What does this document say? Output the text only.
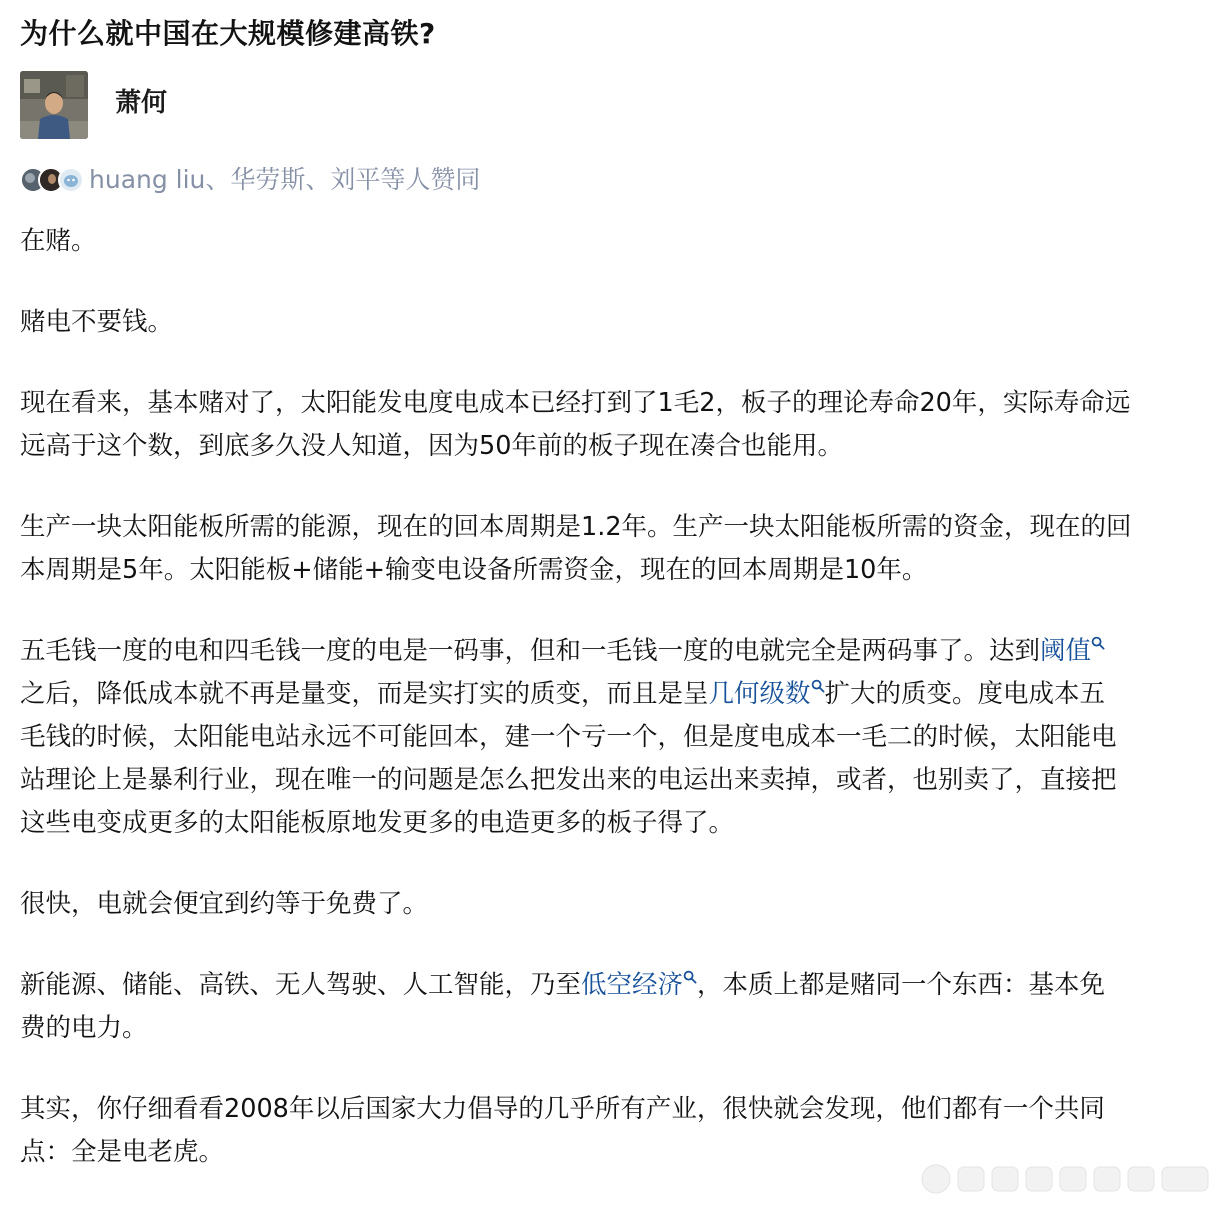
为什么就中国在大规模修建高铁?
萧何
huang liu、华劳斯、刘平等人赞同

在赌。

赌电不要钱。

现在看来，基本赌对了，太阳能发电度电成本已经打到了1毛2，板子的理论寿命20年，实际寿命远
远高于这个数，到底多久没人知道，因为50年前的板子现在凑合也能用。

生产一块太阳能板所需的能源，现在的回本周期是1.2年。生产一块太阳能板所需的资金，现在的回
本周期是5年。太阳能板+储能+输变电设备所需资金，现在的回本周期是10年。

五毛钱一度的电和四毛钱一度的电是一码事，但和一毛钱一度的电就完全是两码事了。达到阈值
之后，降低成本就不再是量变，而是实打实的质变，而且是呈几何级数 扩大的质变。度电成本五
毛钱的时候，太阳能电站永远不可能回本，建一个亏一个，但是度电成本一毛二的时候，太阳能电
站理论上是暴利行业，现在唯一的问题是怎么把发出来的电运出来卖掉，或者，也别卖了，直接把
这些电变成更多的太阳能板原地发更多的电造更多的板子得了。

很快，电就会便宜到约等于免费了。

新能源、储能、高铁、无人驾驶、人工智能，乃至低空经济 ，本质上都是赌同一个东西：基本免
费的电力。

其实，你仔细看看2008年以后国家大力倡导的几乎所有产业，很快就会发现，他们都有一个共同
点：全是电老虎。
